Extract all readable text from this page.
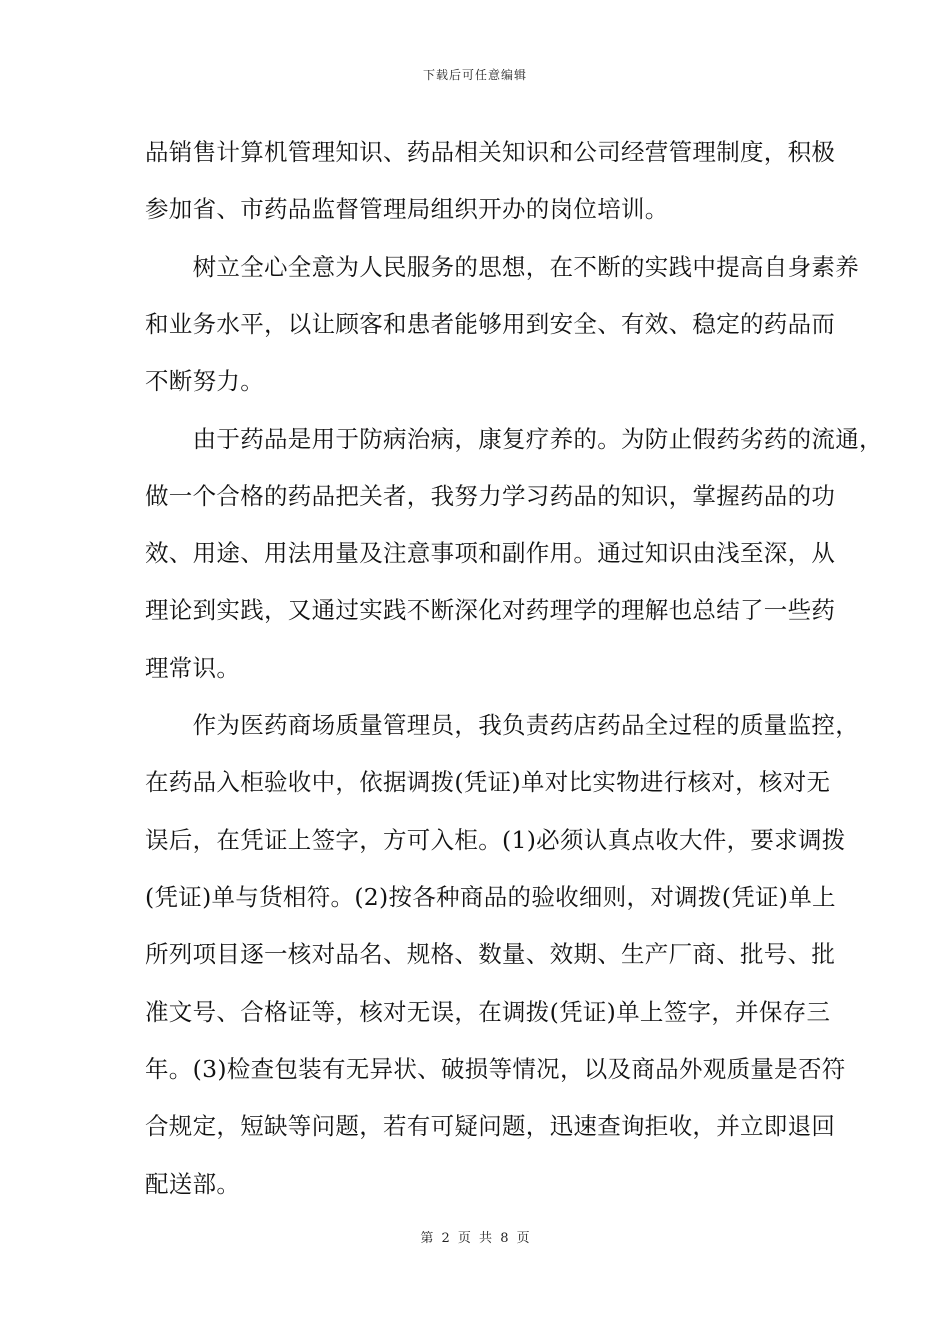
下载后可任意编辑
品销售计算机管理知识、药品相关知识和公司经营管理制度，积极
参加省、市药品监督管理局组织开办的岗位培训。
　　树立全心全意为人民服务的思想，在不断的实践中提高自身素养
和业务水平，以让顾客和患者能够用到安全、有效、稳定的药品而
不断努力。
　　由于药品是用于防病治病，康复疗养的。为防止假药劣药的流通，
做一个合格的药品把关者，我努力学习药品的知识，掌握药品的功
效、用途、用法用量及注意事项和副作用。通过知识由浅至深，从
理论到实践，又通过实践不断深化对药理学的理解也总结了一些药
理常识。
　　作为医药商场质量管理员，我负责药店药品全过程的质量监控，
在药品入柜验收中，依据调拨(凭证)单对比实物进行核对，核对无
误后，在凭证上签字，方可入柜。(1)必须认真点收大件，要求调拨
(凭证)单与货相符。(2)按各种商品的验收细则，对调拨(凭证)单上
所列项目逐一核对品名、规格、数量、效期、生产厂商、批号、批
准文号、合格证等，核对无误，在调拨(凭证)单上签字，并保存三
年。(3)检查包装有无异状、破损等情况，以及商品外观质量是否符
合规定，短缺等问题，若有可疑问题，迅速查询拒收，并立即退回
配送部。
第 2 页 共 8 页
